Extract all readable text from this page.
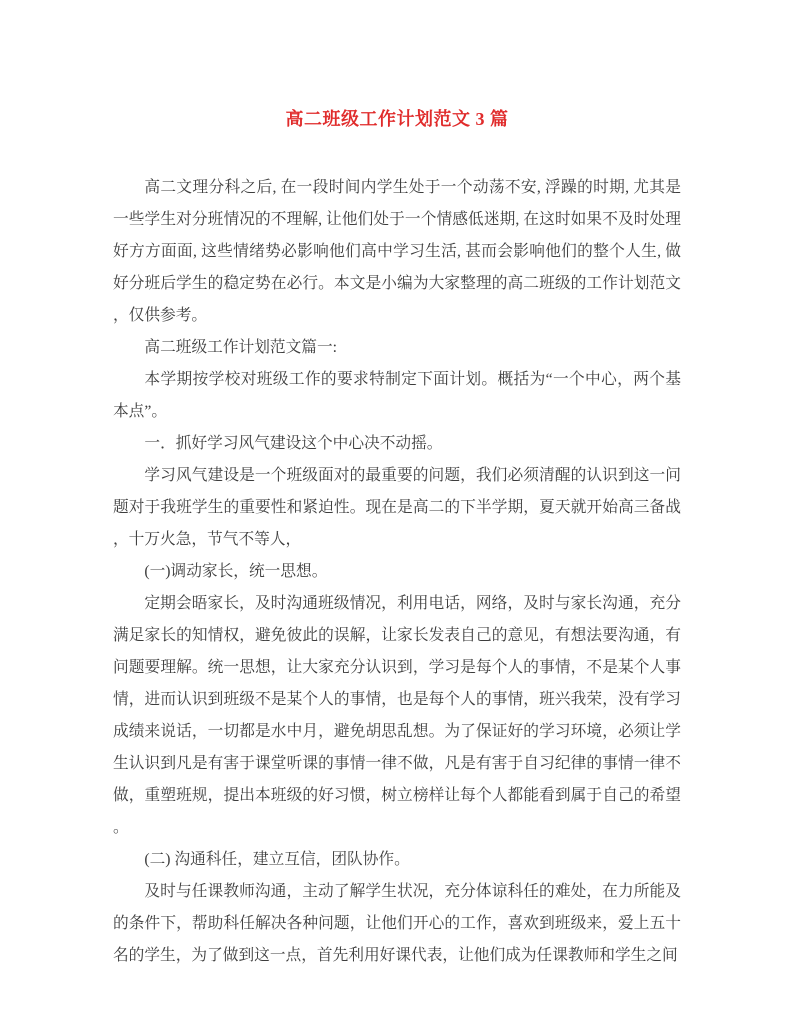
高二班级工作计划范文 3 篇

高二文理分科之后, 在一段时间内学生处于一个动荡不安, 浮躁的时期, 尤其是一些学生对分班情况的不理解, 让他们处于一个情感低迷期, 在这时如果不及时处理好方方面面, 这些情绪势必影响他们高中学习生活, 甚而会影响他们的整个人生, 做好分班后学生的稳定势在必行。本文是小编为大家整理的高二班级的工作计划范文，仅供参考。

高二班级工作计划范文篇一:

本学期按学校对班级工作的要求特制定下面计划。概括为“一个中心，两个基本点”。

一．抓好学习风气建设这个中心决不动摇。

学习风气建设是一个班级面对的最重要的问题，我们必须清醒的认识到这一问题对于我班学生的重要性和紧迫性。现在是高二的下半学期，夏天就开始高三备战，十万火急，节气不等人，

(一)调动家长，统一思想。

定期会晤家长，及时沟通班级情况，利用电话，网络，及时与家长沟通，充分满足家长的知情权，避免彼此的误解，让家长发表自己的意见，有想法要沟通，有问题要理解。统一思想，让大家充分认识到，学习是每个人的事情，不是某个人事情，进而认识到班级不是某个人的事情，也是每个人的事情，班兴我荣，没有学习成绩来说话，一切都是水中月，避免胡思乱想。为了保证好的学习环境，必须让学生认识到凡是有害于课堂听课的事情一律不做，凡是有害于自习纪律的事情一律不做，重塑班规，提出本班级的好习惯，树立榜样让每个人都能看到属于自己的希望。

(二) 沟通科任，建立互信，团队协作。

及时与任课教师沟通，主动了解学生状况，充分体谅科任的难处，在力所能及的条件下，帮助科任解决各种问题，让他们开心的工作，喜欢到班级来，爱上五十名的学生，为了做到这一点，首先利用好课代表，让他们成为任课教师和学生之间
